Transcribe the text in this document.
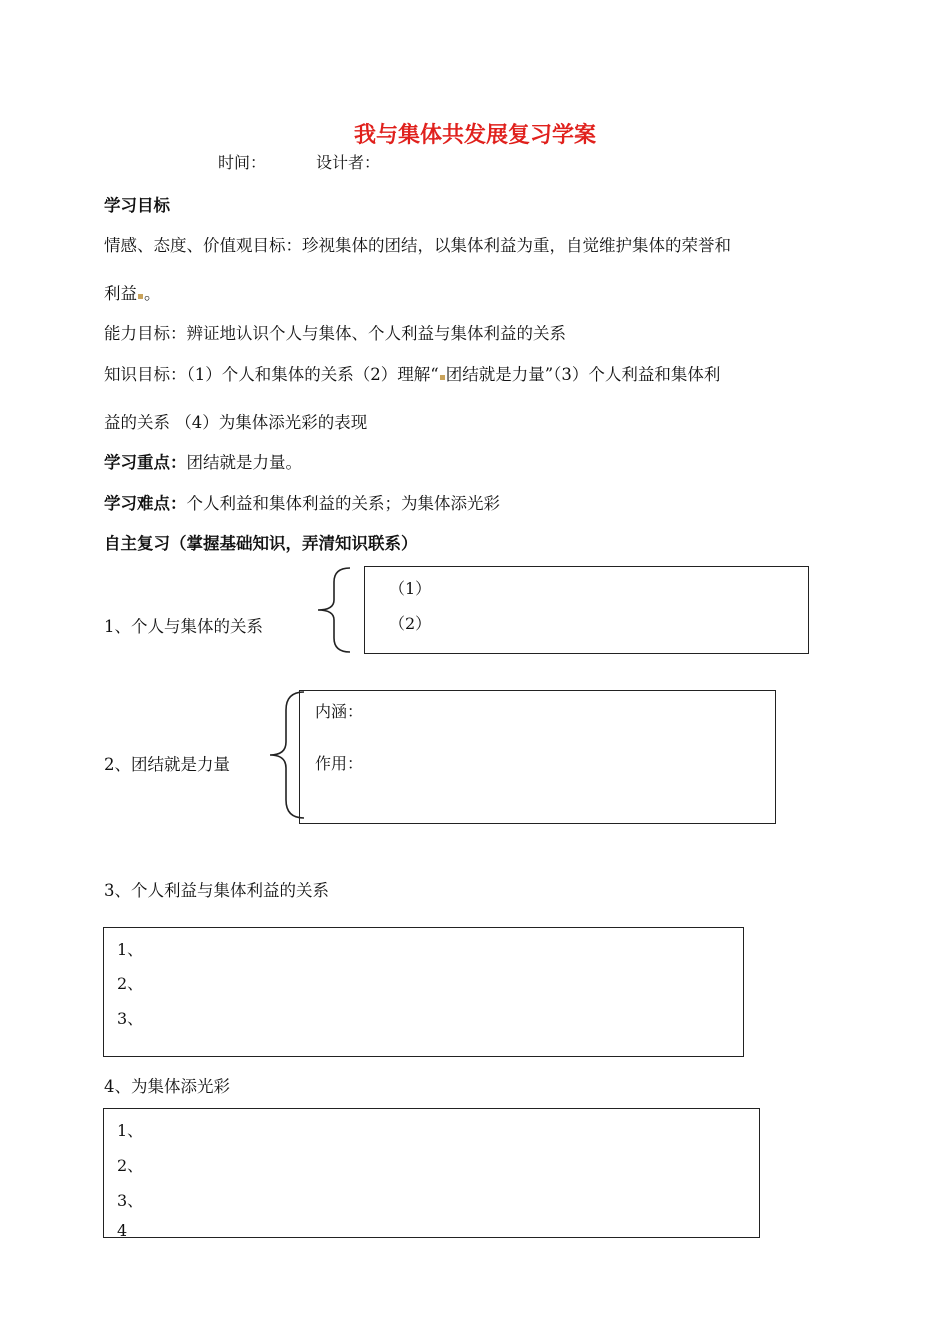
我与集体共发展复习学案
时间：	设计者：
学习目标
情感、态度、价值观目标：珍视集体的团结，以集体利益为重，自觉维护集体的荣誉和
利益 。
能力目标：辨证地认识个人与集体、个人利益与集体利益的关系
知识目标：（1）个人和集体的关系（2）理解“ 团结就是力量”（3）个人利益和集体利
益的关系 （4）为集体添光彩的表现
学习重点：团结就是力量。
学习难点：个人利益和集体利益的关系；为集体添光彩
自主复习（掌握基础知识，弄清知识联系）
1、个人与集体的关系
（1）
（2）
2、团结就是力量
内涵：
作用：
3、个人利益与集体利益的关系
1、
2、
3、
4、为集体添光彩
1、
2、
3、
4
